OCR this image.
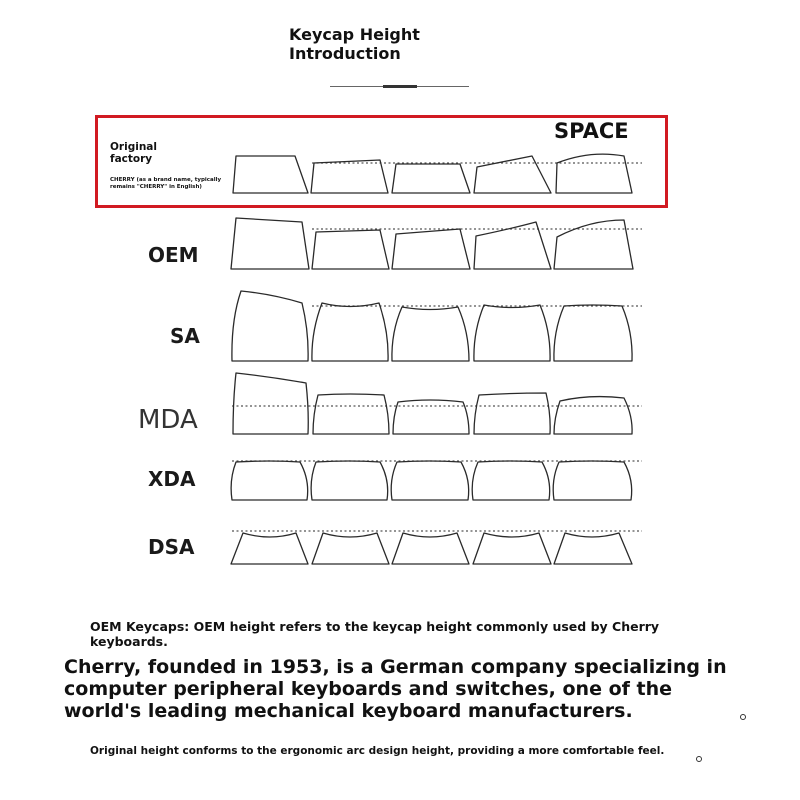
Keycap Height
Introduction
Original
factory
CHERRY (as a brand name, typically remains "CHERRY" in English)
SPACE
OEM
SA
MDA
XDA
DSA
OEM Keycaps: OEM height refers to the keycap height commonly used by Cherry keyboards.
Cherry, founded in 1953, is a German company specializing in computer peripheral keyboards and switches, one of the world's leading mechanical keyboard manufacturers.
Original height conforms to the ergonomic arc design height, providing a more comfortable feel.
